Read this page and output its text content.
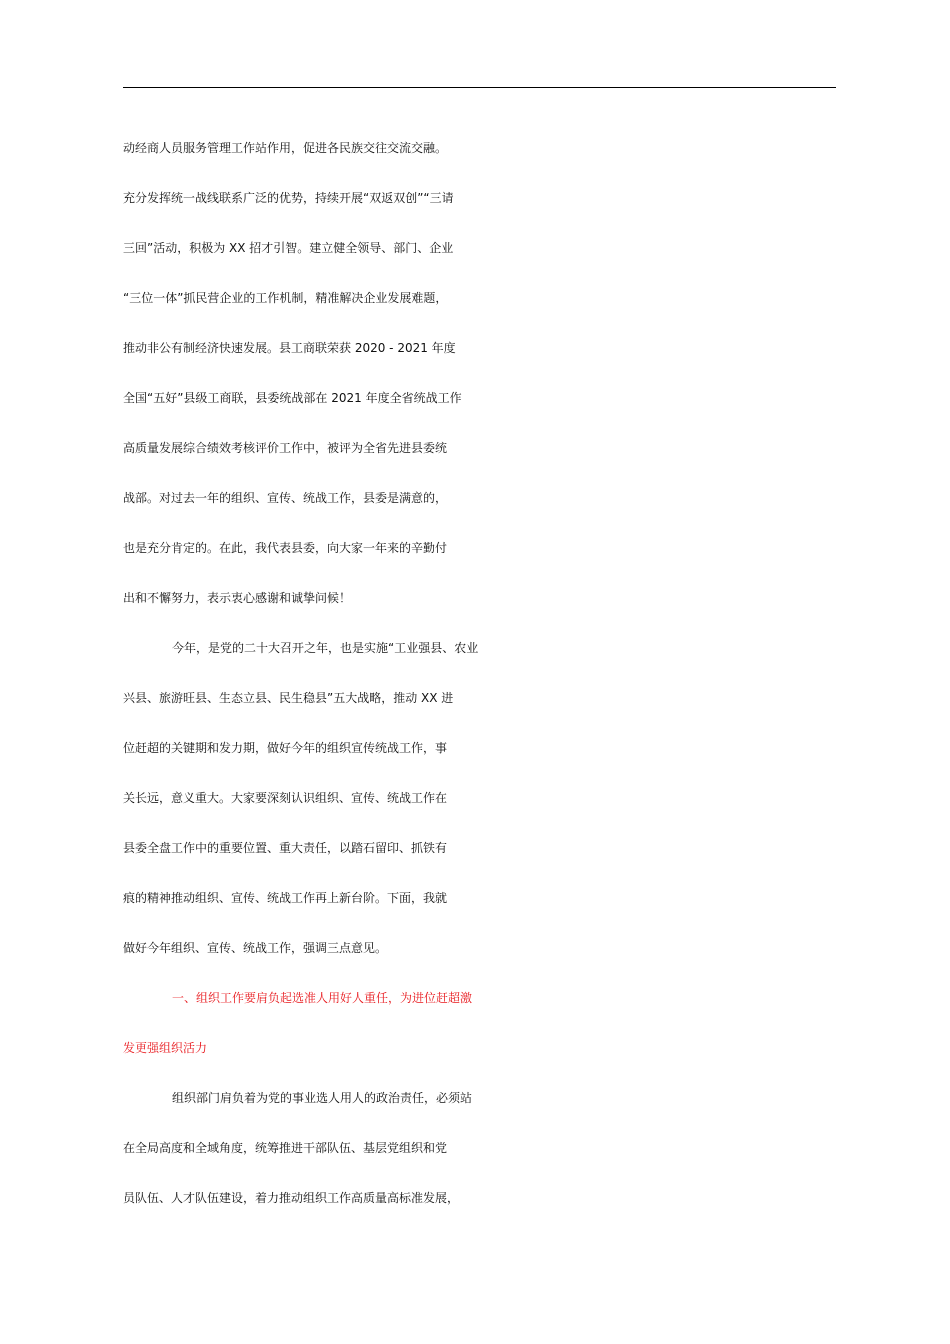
动经商人员服务管理工作站作用，促进各民族交往交流交融。
充分发挥统一战线联系广泛的优势，持续开展“双返双创”“三请
三回”活动，积极为 XX 招才引智。建立健全领导、部门、企业
“三位一体”抓民营企业的工作机制，精准解决企业发展难题，
推动非公有制经济快速发展。县工商联荣获 2020 - 2021 年度
全国“五好”县级工商联，县委统战部在 2021 年度全省统战工作
高质量发展综合绩效考核评价工作中，被评为全省先进县委统
战部。对过去一年的组织、宣传、统战工作，县委是满意的，
也是充分肯定的。在此，我代表县委，向大家一年来的辛勤付
出和不懈努力，表示衷心感谢和诚挚问候！
今年，是党的二十大召开之年，也是实施“工业强县、农业
兴县、旅游旺县、生态立县、民生稳县”五大战略，推动 XX 进
位赶超的关键期和发力期，做好今年的组织宣传统战工作，事
关长远，意义重大。大家要深刻认识组织、宣传、统战工作在
县委全盘工作中的重要位置、重大责任，以踏石留印、抓铁有
痕的精神推动组织、宣传、统战工作再上新台阶。下面，我就
做好今年组织、宣传、统战工作，强调三点意见。
一、组织工作要肩负起选准人用好人重任，为进位赶超激
发更强组织活力
组织部门肩负着为党的事业选人用人的政治责任，必须站
在全局高度和全域角度，统筹推进干部队伍、基层党组织和党
员队伍、人才队伍建设，着力推动组织工作高质量高标准发展，
